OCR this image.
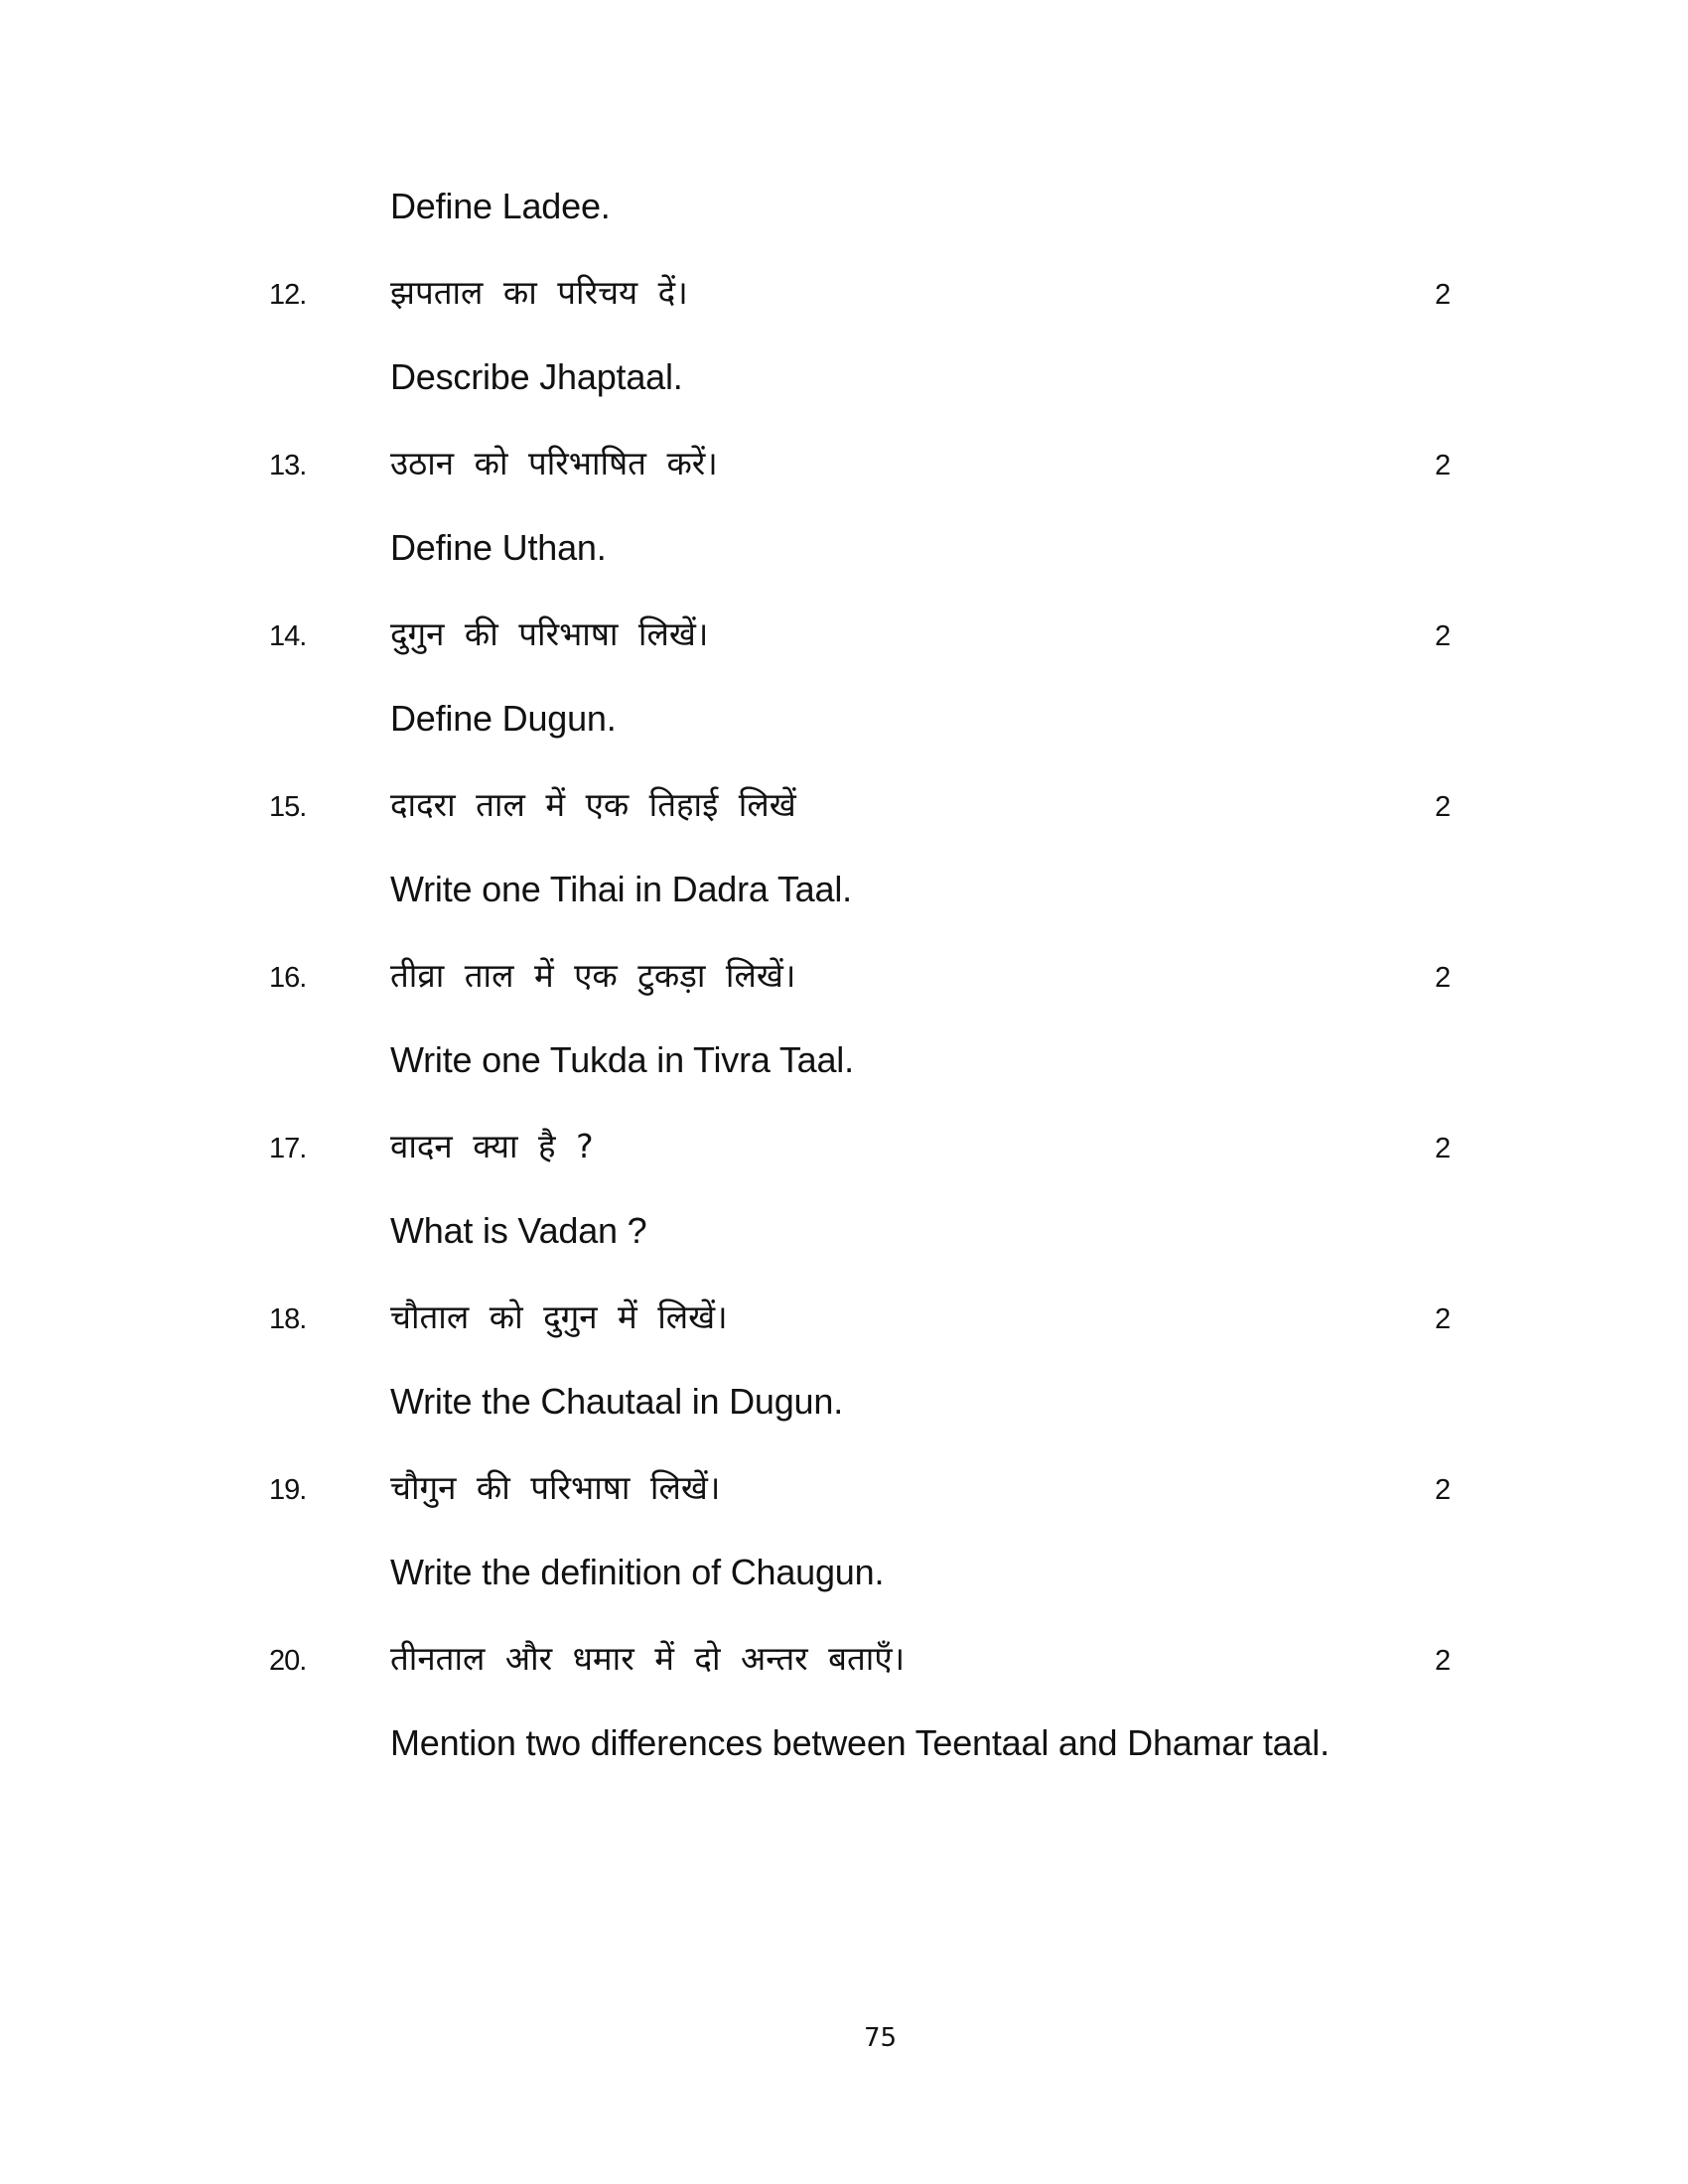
Define Ladee.
12.	झपताल का परिचय दें।	2
Describe Jhaptaal.
13.	उठान को परिभाषित करें।	2
Define Uthan.
14.	दुगुन की परिभाषा लिखें।	2
Define Dugun.
15.	दादरा ताल में एक तिहाई लिखें	2
Write one Tihai in Dadra Taal.
16.	तीव्रा ताल में एक टुकड़ा लिखें।	2
Write one Tukda in Tivra Taal.
17.	वादन क्या है ?	2
What is Vadan ?
18.	चौताल को दुगुन में लिखें।	2
Write the Chautaal in Dugun.
19.	चौगुन की परिभाषा लिखें।	2
Write the definition of Chaugun.
20.	तीनताल और धमार में दो अन्तर बताएँ।	2
Mention two differences between Teentaal and Dhamar taal.
75
